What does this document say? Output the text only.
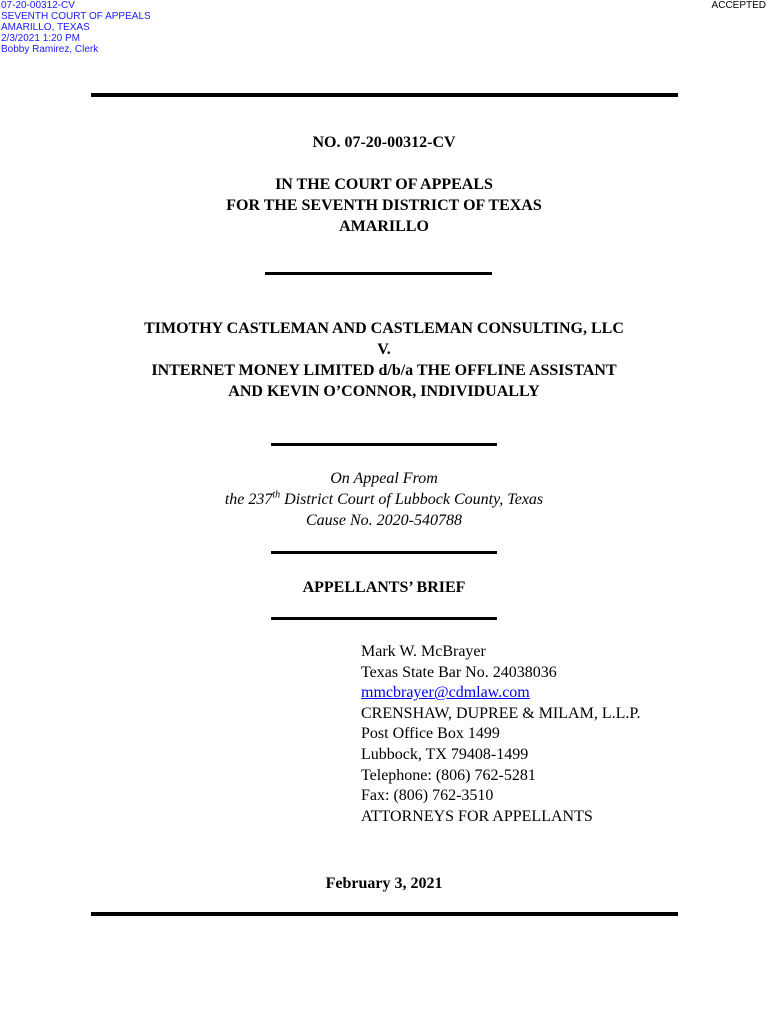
07-20-00312-CV
SEVENTH COURT OF APPEALS
AMARILLO, TEXAS
2/3/2021 1:20 PM
Bobby Ramirez, Clerk
ACCEPTED
NO. 07-20-00312-CV
IN THE COURT OF APPEALS
FOR THE SEVENTH DISTRICT OF TEXAS
AMARILLO
TIMOTHY CASTLEMAN AND CASTLEMAN CONSULTING, LLC
V.
INTERNET MONEY LIMITED d/b/a THE OFFLINE ASSISTANT
AND KEVIN O’CONNOR, INDIVIDUALLY
On Appeal From
the 237th District Court of Lubbock County, Texas
Cause No. 2020-540788
APPELLANTS’ BRIEF
Mark W. McBrayer
Texas State Bar No. 24038036
mmcbrayer@cdmlaw.com
CRENSHAW, DUPREE & MILAM, L.L.P.
Post Office Box 1499
Lubbock, TX 79408-1499
Telephone: (806) 762-5281
Fax: (806) 762-3510
ATTORNEYS FOR APPELLANTS
February 3, 2021
